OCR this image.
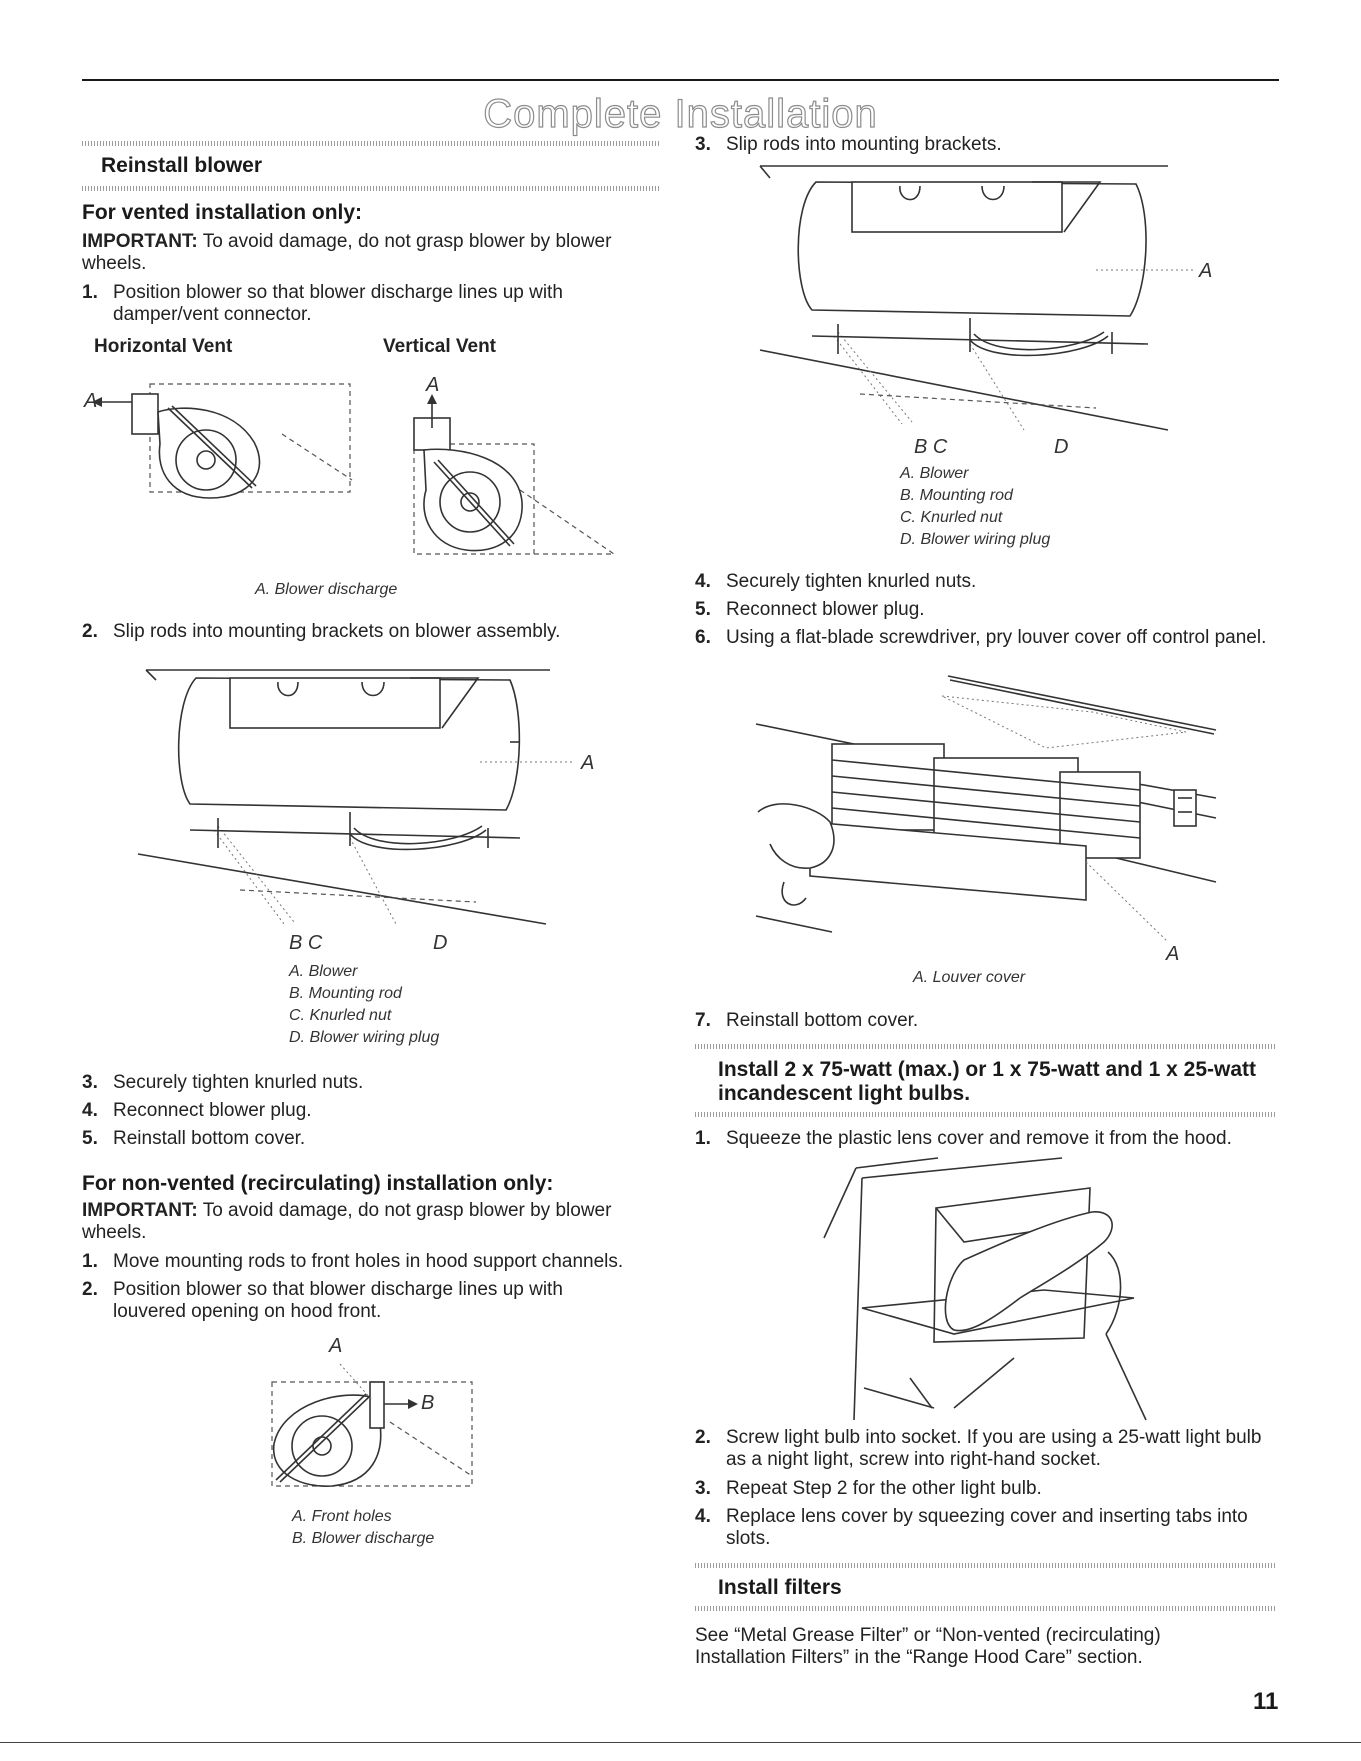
Complete Installation
Reinstall blower
For vented installation only:
IMPORTANT: To avoid damage, do not grasp blower by blower wheels.
1. Position blower so that blower discharge lines up with damper/vent connector.
Horizontal Vent	Vertical Vent
A
A
A. Blower discharge
2. Slip rods into mounting brackets on blower assembly.
A
B C	D
A. Blower
B. Mounting rod
C. Knurled nut
D. Blower wiring plug
3. Securely tighten knurled nuts.
4. Reconnect blower plug.
5. Reinstall bottom cover.
For non-vented (recirculating) installation only:
IMPORTANT: To avoid damage, do not grasp blower by blower wheels.
1. Move mounting rods to front holes in hood support channels.
2. Position blower so that blower discharge lines up with louvered opening on hood front.
A
B
A. Front holes
B. Blower discharge
3. Slip rods into mounting brackets.
A
B C	D
A. Blower
B. Mounting rod
C. Knurled nut
D. Blower wiring plug
4. Securely tighten knurled nuts.
5. Reconnect blower plug.
6. Using a flat-blade screwdriver, pry louver cover off control panel.
A
A. Louver cover
7. Reinstall bottom cover.
Install 2 x 75-watt (max.) or 1 x 75-watt and 1 x 25-watt incandescent light bulbs.
1. Squeeze the plastic lens cover and remove it from the hood.
2. Screw light bulb into socket. If you are using a 25-watt light bulb as a night light, screw into right-hand socket.
3. Repeat Step 2 for the other light bulb.
4. Replace lens cover by squeezing cover and inserting tabs into slots.
Install filters
See “Metal Grease Filter” or “Non-vented (recirculating) Installation Filters” in the “Range Hood Care” section.
11
